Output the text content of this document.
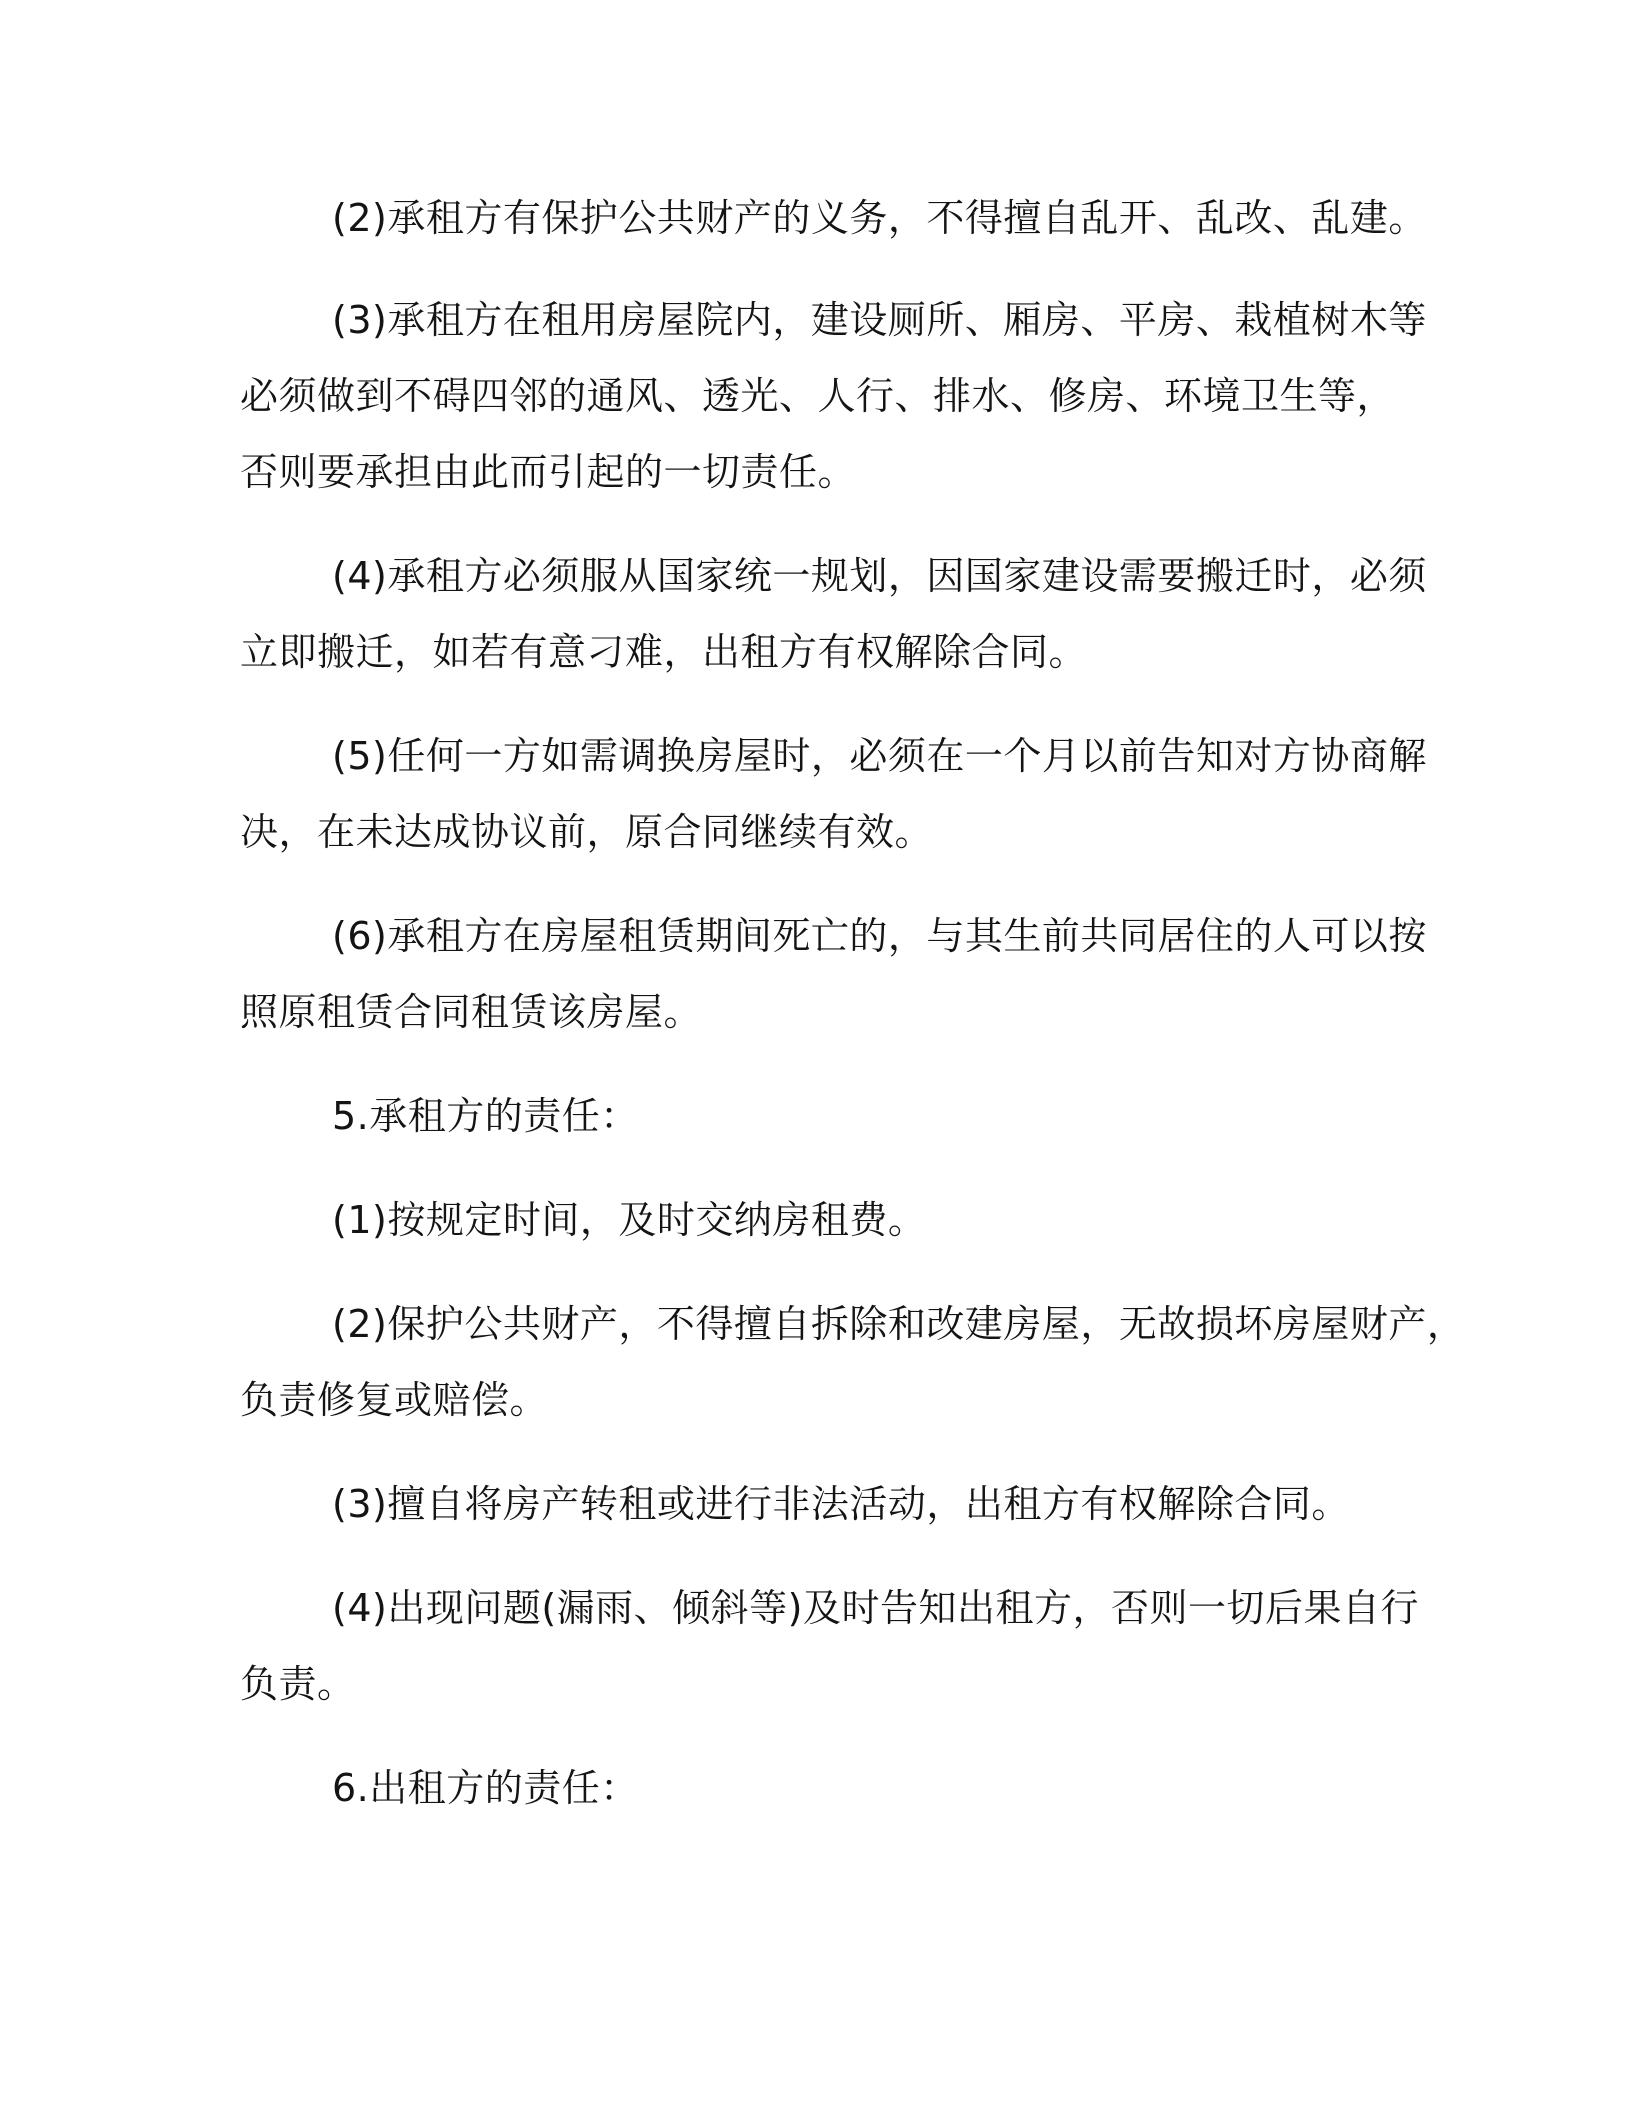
(2)承租方有保护公共财产的义务，不得擅自乱开、乱改、乱建。
(3)承租方在租用房屋院内，建设厕所、厢房、平房、栽植树木等
必须做到不碍四邻的通风、透光、人行、排水、修房、环境卫生等，
否则要承担由此而引起的一切责任。
(4)承租方必须服从国家统一规划，因国家建设需要搬迁时，必须
立即搬迁，如若有意刁难，出租方有权解除合同。
(5)任何一方如需调换房屋时，必须在一个月以前告知对方协商解
决，在未达成协议前，原合同继续有效。
(6)承租方在房屋租赁期间死亡的，与其生前共同居住的人可以按
照原租赁合同租赁该房屋。
5.承租方的责任：
(1)按规定时间，及时交纳房租费。
(2)保护公共财产，不得擅自拆除和改建房屋，无故损坏房屋财产，
负责修复或赔偿。
(3)擅自将房产转租或进行非法活动，出租方有权解除合同。
(4)出现问题(漏雨、倾斜等)及时告知出租方，否则一切后果自行
负责。
6.出租方的责任：
